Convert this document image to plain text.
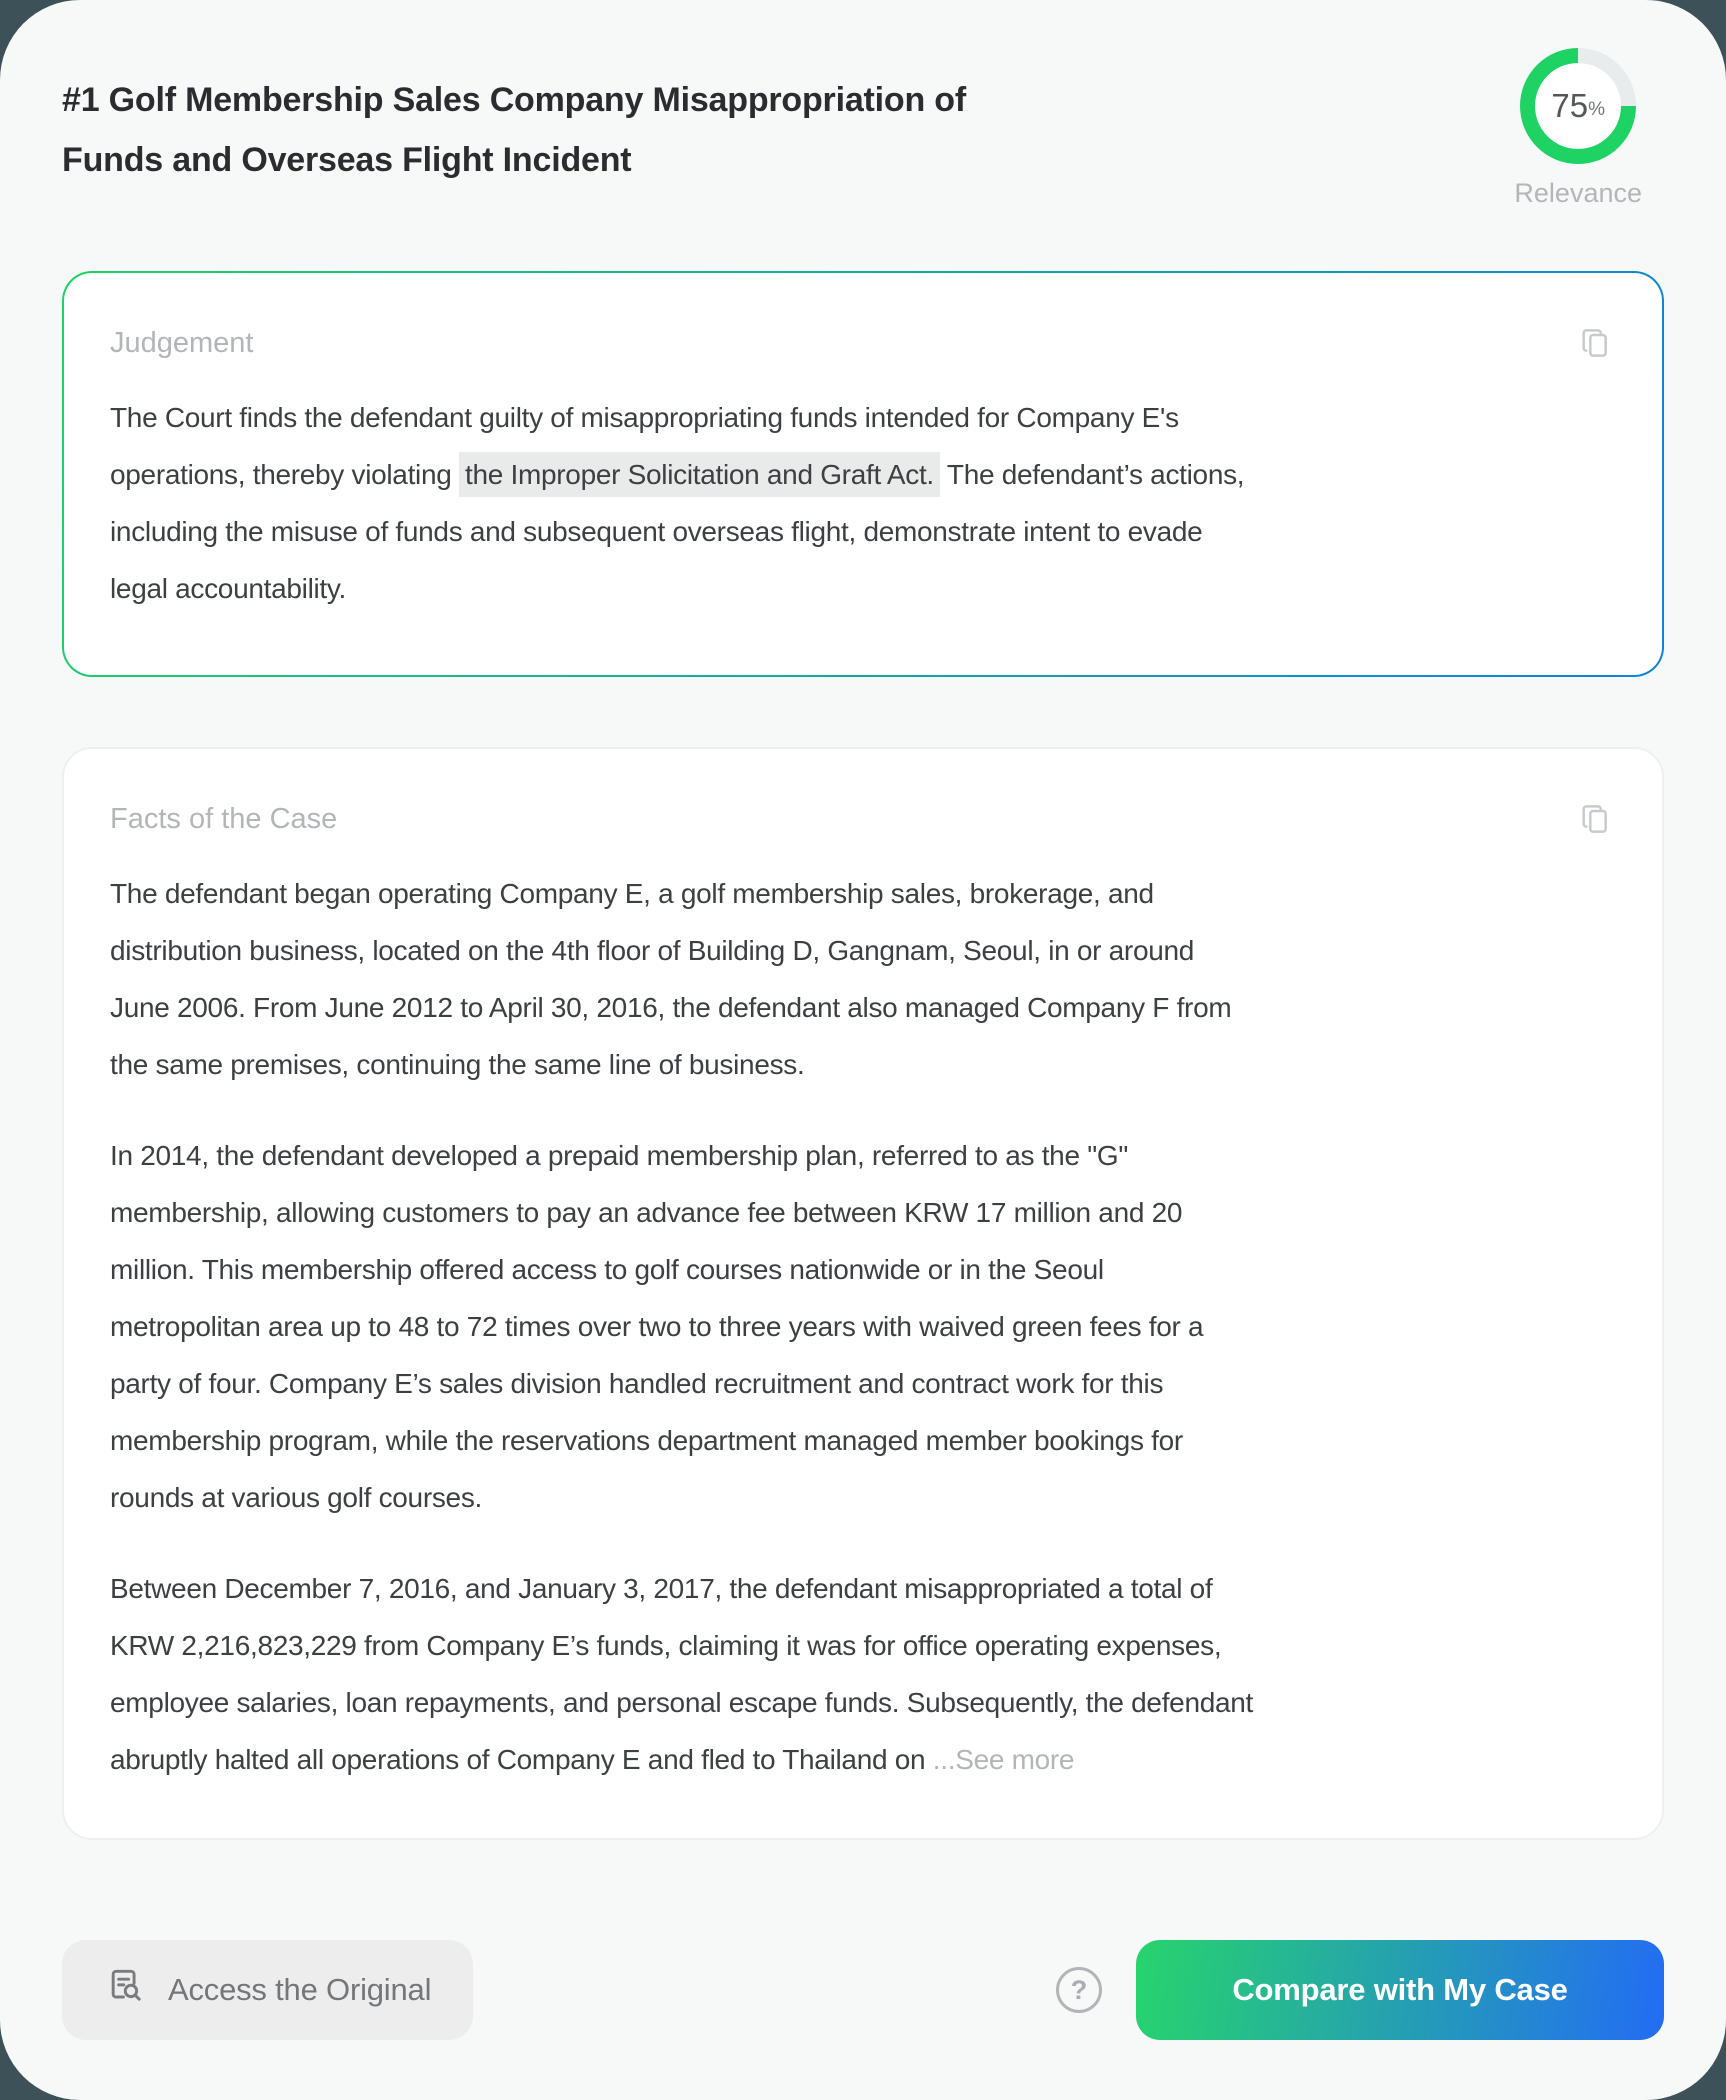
#1 Golf Membership Sales Company Misappropriation of Funds and Overseas Flight Incident
75 %
Relevance
Judgement
The Court finds the defendant guilty of misappropriating funds intended for Company E's operations, thereby violating the Improper Solicitation and Graft Act. The defendant’s actions, including the misuse of funds and subsequent overseas flight, demonstrate intent to evade legal accountability.
Facts of the Case

The defendant began operating Company E, a golf membership sales, brokerage, and distribution business, located on the 4th floor of Building D, Gangnam, Seoul, in or around June 2006. From June 2012 to April 30, 2016, the defendant also managed Company F from the same premises, continuing the same line of business.

In 2014, the defendant developed a prepaid membership plan, referred to as the "G" membership, allowing customers to pay an advance fee between KRW 17 million and 20 million. This membership offered access to golf courses nationwide or in the Seoul metropolitan area up to 48 to 72 times over two to three years with waived green fees for a party of four. Company E’s sales division handled recruitment and contract work for this membership program, while the reservations department managed member bookings for rounds at various golf courses.

Between December 7, 2016, and January 3, 2017, the defendant misappropriated a total of KRW 2,216,823,229 from Company E’s funds, claiming it was for office operating expenses, employee salaries, loan repayments, and personal escape funds. Subsequently, the defendant abruptly halted all operations of Company E and fled to Thailand on ...See more

Access the Original	?	Compare with My Case
